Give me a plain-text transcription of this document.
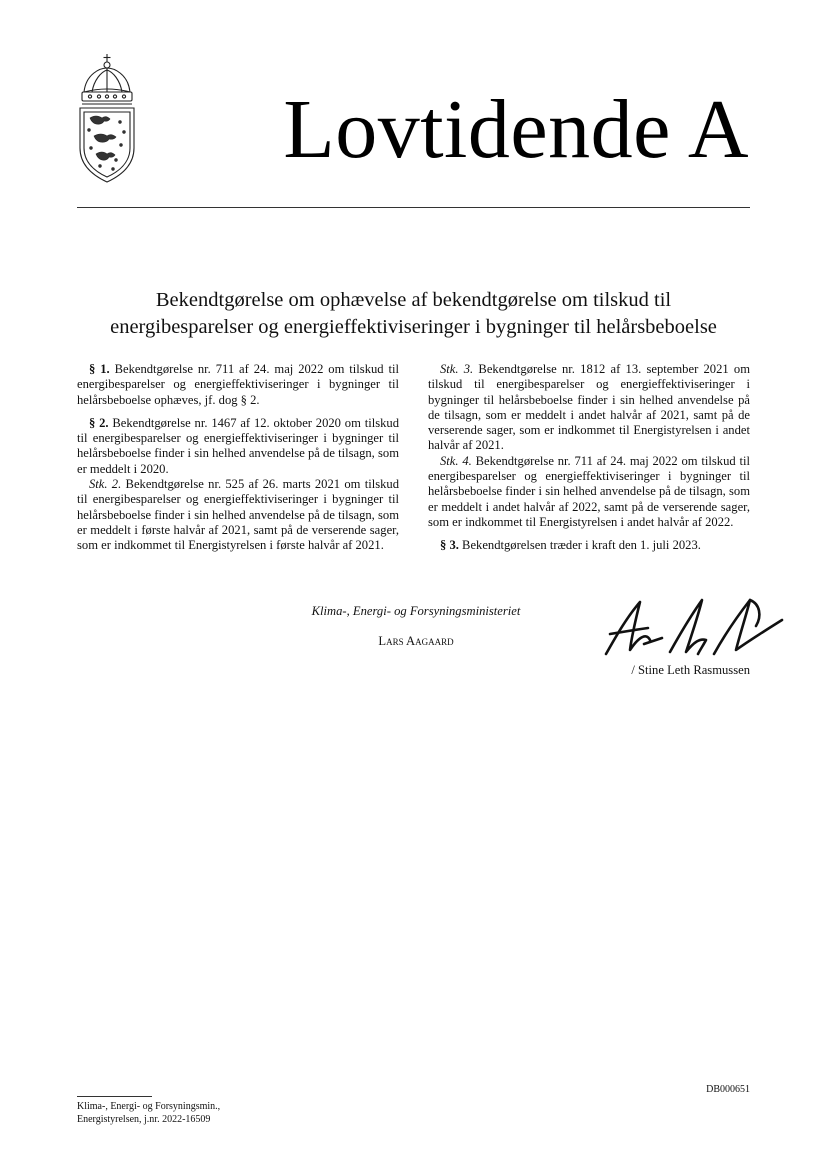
Lovtidende A
Bekendtgørelse om ophævelse af bekendtgørelse om tilskud til
energibesparelser og energieffektiviseringer i bygninger til helårsbeboelse

§ 1. Bekendtgørelse nr. 711 af 24. maj 2022 om tilskud til energibesparelser og energieffektiviseringer i bygninger til helårsbeboelse ophæves, jf. dog § 2.

§ 2. Bekendtgørelse nr. 1467 af 12. oktober 2020 om tilskud til energibesparelser og energieffektiviseringer i bygninger til helårsbeboelse finder i sin helhed anvendelse på de tilsagn, som er meddelt i 2020.

Stk. 2. Bekendtgørelse nr. 525 af 26. marts 2021 om tilskud til energibesparelser og energieffektiviseringer i bygninger til helårsbeboelse finder i sin helhed anvendelse på de tilsagn, som er meddelt i første halvår af 2021, samt på de verserende sager, som er indkommet til Energistyrelsen i første halvår af 2021.

Stk. 3. Bekendtgørelse nr. 1812 af 13. september 2021 om tilskud til energibesparelser og energieffektiviseringer i bygninger til helårsbeboelse finder i sin helhed anvendelse på de tilsagn, som er meddelt i andet halvår af 2021, samt på de verserende sager, som er indkommet til Energistyrelsen i andet halvår af 2021.

Stk. 4. Bekendtgørelse nr. 711 af 24. maj 2022 om tilskud til energibesparelser og energieffektiviseringer i bygninger til helårsbeboelse finder i sin helhed anvendelse på de tilsagn, som er meddelt i andet halvår af 2022, samt på de verserende sager, som er indkommet til Energistyrelsen i andet halvår af 2022.

§ 3. Bekendtgørelsen træder i kraft den 1. juli 2023.

Klima-, Energi- og Forsyningsministeriet
Lars Aagaard
/ Stine Leth Rasmussen
DB000651
Klima-, Energi- og Forsyningsmin.,
Energistyrelsen, j.nr. 2022-16509
